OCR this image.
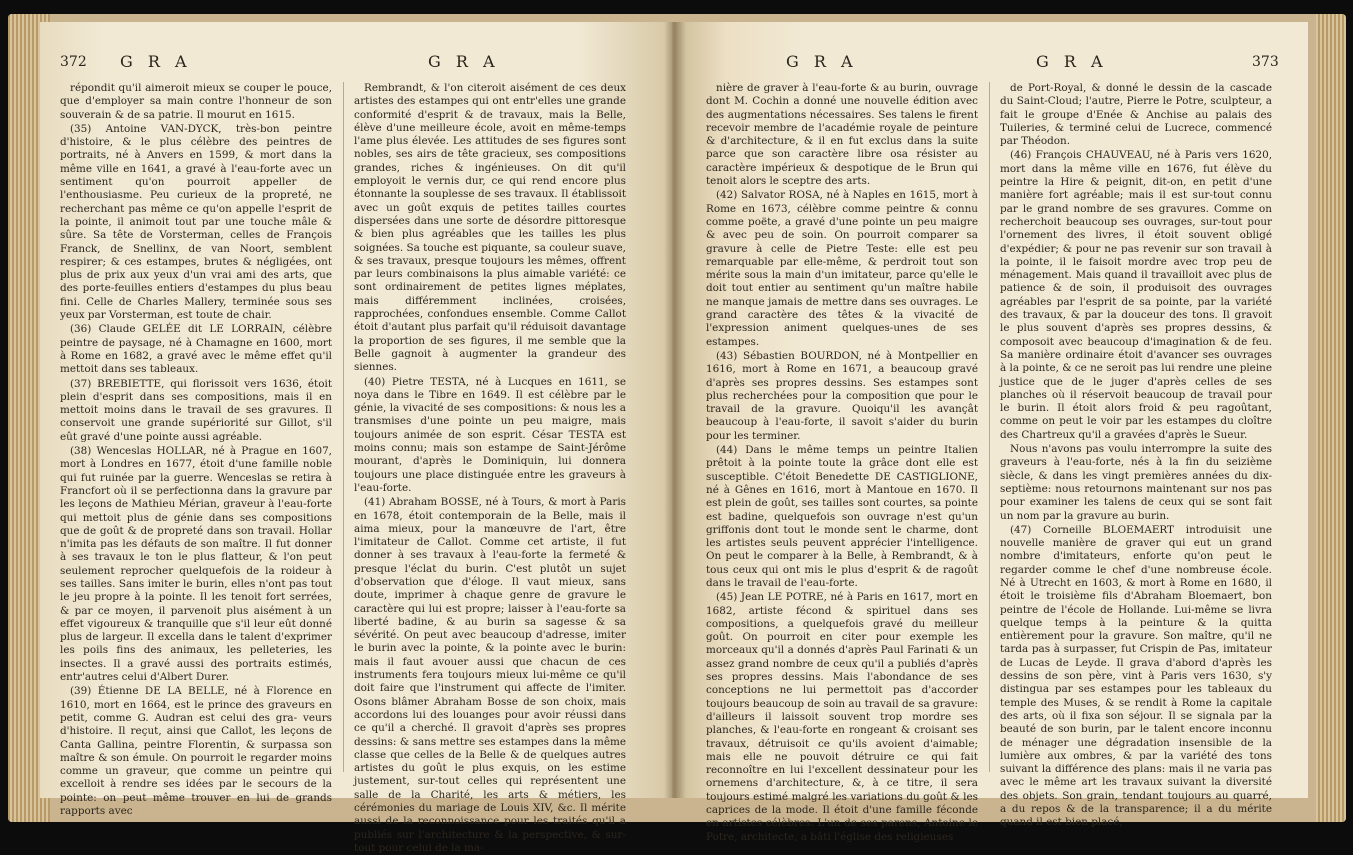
372 G R A	G R A

répondit qu'il aimeroit mieux se couper le pouce, que d'employer sa main contre l'honneur de son souverain & de sa patrie. Il mourut en 1615.

(35) Antoine VAN-DYCK, très-bon peintre d'histoire, & le plus célèbre des peintres de portraits, né à Anvers en 1599, & mort dans la même ville en 1641, a gravé à l'eau-forte avec un sentiment qu'on pourroit appeller de l'enthousiasme. Peu curieux de la propreté, ne recherchant pas même ce qu'on appelle l'esprit de la pointe, il animoit tout par une touche mâle & sûre. Sa tête de Vorsterman, celles de François Franck, de Snellinx, de van Noort, semblent respirer; & ces estampes, brutes & négligées, ont plus de prix aux yeux d'un vrai ami des arts, que des porte-feuilles entiers d'estampes du plus beau fini. Celle de Charles Mallery, terminée sous ses yeux par Vorsterman, est toute de chair.

(36) Claude GELÉE dit LE LORRAIN, célèbre peintre de paysage, né à Chamagne en 1600, mort à Rome en 1682, a gravé avec le même effet qu'il mettoit dans ses tableaux.

(37) BREBIETTE, qui florissoit vers 1636, étoit plein d'esprit dans ses compositions, mais il en mettoit moins dans le travail de ses gravures. Il conservoit une grande supériorité sur Gillot, s'il eût gravé d'une pointe aussi agréable.

(38) Wenceslas HOLLAR, né à Prague en 1607, mort à Londres en 1677, étoit d'une famille noble qui fut ruinée par la guerre. Wenceslas se retira à Francfort où il se perfectionna dans la gravure par les leçons de Mathieu Mérian, graveur à l'eau-forte qui mettoit plus de génie dans ses compositions que de goût & de propreté dans son travail. Hollar n'imita pas les défauts de son maître. Il fut donner à ses travaux le ton le plus flatteur, & l'on peut seulement reprocher quelquefois de la roideur à ses tailles. Sans imiter le burin, elles n'ont pas tout le jeu propre à la pointe. Il les tenoit fort serrées, & par ce moyen, il parvenoit plus aisément à un effet vigoureux & tranquille que s'il leur eût donné plus de largeur. Il excella dans le talent d'exprimer les poils fins des animaux, les pelleteries, les insectes. Il a gravé aussi des portraits estimés, entr'autres celui d'Albert Durer.

(39) Étienne DE LA BELLE, né à Florence en 1610, mort en 1664, est le prince des graveurs en petit, comme G. Audran est celui des gra- veurs d'histoire. Il reçut, ainsi que Callot, les leçons de Canta Gallina, peintre Florentin, & surpassa son maître & son émule. On pourroit le regarder moins comme un graveur, que comme un peintre qui excelloit à rendre ses idées par le secours de la pointe: on peut même trouver en lui de grands rapports avec

Rembrandt, & l'on citeroit aisément de ces deux artistes des estampes qui ont entr'elles une grande conformité d'esprit & de travaux, mais la Belle, élève d'une meilleure école, avoit en même-temps l'ame plus élevée. Les attitudes de ses figures sont nobles, ses airs de tête gracieux, ses compositions grandes, riches & ingénieuses. On dit qu'il employoit le vernis dur, ce qui rend encore plus étonnante la souplesse de ses travaux. Il établissoit avec un goût exquis de petites tailles courtes dispersées dans une sorte de désordre pittoresque & bien plus agréables que les tailles les plus soignées. Sa touche est piquante, sa couleur suave, & ses travaux, presque toujours les mêmes, offrent par leurs combinaisons la plus aimable variété: ce sont ordinairement de petites lignes méplates, mais différemment inclinées, croisées, rapprochées, confondues ensemble. Comme Callot étoit d'autant plus parfait qu'il réduisoit davantage la proportion de ses figures, il me semble que la Belle gagnoit à augmenter la grandeur des siennes.

(40) Pietre TESTA, né à Lucques en 1611, se noya dans le Tibre en 1649. Il est célèbre par le génie, la vivacité de ses compositions: & nous les a transmises d'une pointe un peu maigre, mais toujours animée de son esprit. César TESTA est moins connu; mais son estampe de Saint-Jérôme mourant, d'après le Dominiquin, lui donnera toujours une place distinguée entre les graveurs à l'eau-forte.

(41) Abraham BOSSE, né à Tours, & mort à Paris en 1678, étoit contemporain de la Belle, mais il aima mieux, pour la manœuvre de l'art, être l'imitateur de Callot. Comme cet artiste, il fut donner à ses travaux à l'eau-forte la fermeté & presque l'éclat du burin. C'est plutôt un sujet d'observation que d'éloge. Il vaut mieux, sans doute, imprimer à chaque genre de gravure le caractère qui lui est propre; laisser à l'eau-forte sa liberté badine, & au burin sa sagesse & sa sévérité. On peut avec beaucoup d'adresse, imiter le burin avec la pointe, & la pointe avec le burin: mais il faut avouer aussi que chacun de ces instruments fera toujours mieux lui-même ce qu'il doit faire que l'instrument qui affecte de l'imiter. Osons blâmer Abraham Bosse de son choix, mais accordons lui des louanges pour avoir réussi dans ce qu'il a cherché. Il gravoit d'après ses propres dessins: & sans mettre ses estampes dans la même classe que celles de la Belle & de quelques autres artistes du goût le plus exquis, on les estime justement, sur-tout celles qui représentent une salle de la Charité, les arts & métiers, les cérémonies du mariage de Louis XIV, &c. Il mérite aussi de la reconnoissance pour les traités qu'il a publiés sur l'architecture & la perspective, & sur-tout pour celui de la ma-

G R A	G R A	373

nière de graver à l'eau-forte & au burin, ouvrage dont M. Cochin a donné une nouvelle édition avec des augmentations nécessaires. Ses talens le firent recevoir membre de l'académie royale de peinture & d'architecture, & il en fut exclus dans la suite parce que son caractère libre osa résister au caractère impérieux & despotique de le Brun qui tenoit alors le sceptre des arts.

(42) Salvator ROSA, né à Naples en 1615, mort à Rome en 1673, célèbre comme peintre & connu comme poëte, a gravé d'une pointe un peu maigre & avec peu de soin. On pourroit comparer sa gravure à celle de Pietre Teste: elle est peu remarquable par elle-même, & perdroit tout son mérite sous la main d'un imitateur, parce qu'elle le doit tout entier au sentiment qu'un maître habile ne manque jamais de mettre dans ses ouvrages. Le grand caractère des têtes & la vivacité de l'expression animent quelques-unes de ses estampes.

(43) Sébastien BOURDON, né à Montpellier en 1616, mort à Rome en 1671, a beaucoup gravé d'après ses propres dessins. Ses estampes sont plus recherchées pour la composition que pour le travail de la gravure. Quoiqu'il les avançât beaucoup à l'eau-forte, il savoit s'aider du burin pour les terminer.

(44) Dans le même temps un peintre Italien prêtoit à la pointe toute la grâce dont elle est susceptible. C'étoit Benedette DE CASTIGLIONE, né à Gênes en 1616, mort à Mantoue en 1670. Il est plein de goût, ses tailles sont courtes, sa pointe est badine, quelquefois son ouvrage n'est qu'un griffonis dont tout le monde sent le charme, dont les artistes seuls peuvent apprécier l'intelligence. On peut le comparer à la Belle, à Rembrandt, & à tous ceux qui ont mis le plus d'esprit & de ragoût dans le travail de l'eau-forte.

(45) Jean LE POTRE, né à Paris en 1617, mort en 1682, artiste fécond & spirituel dans ses compositions, a quelquefois gravé du meilleur goût. On pourroit en citer pour exemple les morceaux qu'il a donnés d'après Paul Farinati & un assez grand nombre de ceux qu'il a publiés d'après ses propres dessins. Mais l'abondance de ses conceptions ne lui permettoit pas d'accorder toujours beaucoup de soin au travail de sa gravure: d'ailleurs il laissoit souvent trop mordre ses planches, & l'eau-forte en rongeant & croisant ses travaux, détruisoit ce qu'ils avoient d'aimable; mais elle ne pouvoit détruire ce qui fait reconnoître en lui l'excellent dessinateur pour les ornemens d'architecture, &, à ce titre, il sera toujours estimé malgré les variations du goût & les caprices de la mode. Il étoit d'une famille féconde en artistes célèbres. L'un de ses parens, Antoine le Potre, architecte, a bâti l'église des religieuses

de Port-Royal, & donné le dessin de la cascade du Saint-Cloud; l'autre, Pierre le Potre, sculpteur, a fait le groupe d'Enée & Anchise au palais des Tuileries, & terminé celui de Lucrece, commencé par Théodon.

(46) François CHAUVEAU, né à Paris vers 1620, mort dans la même ville en 1676, fut élève du peintre la Hire & peignit, dit-on, en petit d'une manière fort agréable; mais il est sur-tout connu par le grand nombre de ses gravures. Comme on recherchoit beaucoup ses ouvrages, sur-tout pour l'ornement des livres, il étoit souvent obligé d'expédier; & pour ne pas revenir sur son travail à la pointe, il le faisoit mordre avec trop peu de ménagement. Mais quand il travailloit avec plus de patience & de soin, il produisoit des ouvrages agréables par l'esprit de sa pointe, par la variété des travaux, & par la douceur des tons. Il gravoit le plus souvent d'après ses propres dessins, & composoit avec beaucoup d'imagination & de feu. Sa manière ordinaire étoit d'avancer ses ouvrages à la pointe, & ce ne seroit pas lui rendre une pleine justice que de le juger d'après celles de ses planches où il réservoit beaucoup de travail pour le burin. Il étoit alors froid & peu ragoûtant, comme on peut le voir par les estampes du cloître des Chartreux qu'il a gravées d'après le Sueur.

Nous n'avons pas voulu interrompre la suite des graveurs à l'eau-forte, nés à la fin du seizième siècle, & dans les vingt premières années du dix-septième: nous retournons maintenant sur nos pas pour examiner les talens de ceux qui se sont fait un nom par la gravure au burin.

(47) Corneille BLOEMAERT introduisit une nouvelle manière de graver qui eut un grand nombre d'imitateurs, enforte qu'on peut le regarder comme le chef d'une nombreuse école. Né à Utrecht en 1603, & mort à Rome en 1680, il étoit le troisième fils d'Abraham Bloemaert, bon peintre de l'école de Hollande. Lui-même se livra quelque temps à la peinture & la quitta entièrement pour la gravure. Son maître, qu'il ne tarda pas à surpasser, fut Crispin de Pas, imitateur de Lucas de Leyde. Il grava d'abord d'après les dessins de son père, vint à Paris vers 1630, s'y distingua par ses estampes pour les tableaux du temple des Muses, & se rendit à Rome la capitale des arts, où il fixa son séjour. Il se signala par la beauté de son burin, par le talent encore inconnu de ménager une dégradation insensible de la lumière aux ombres, & par la variété des tons suivant la différence des plans: mais il ne varia pas avec le même art les travaux suivant la diversité des objets. Son grain, tendant toujours au quarré, a du repos & de la transparence; il a du mérite quand il est bien placé,
